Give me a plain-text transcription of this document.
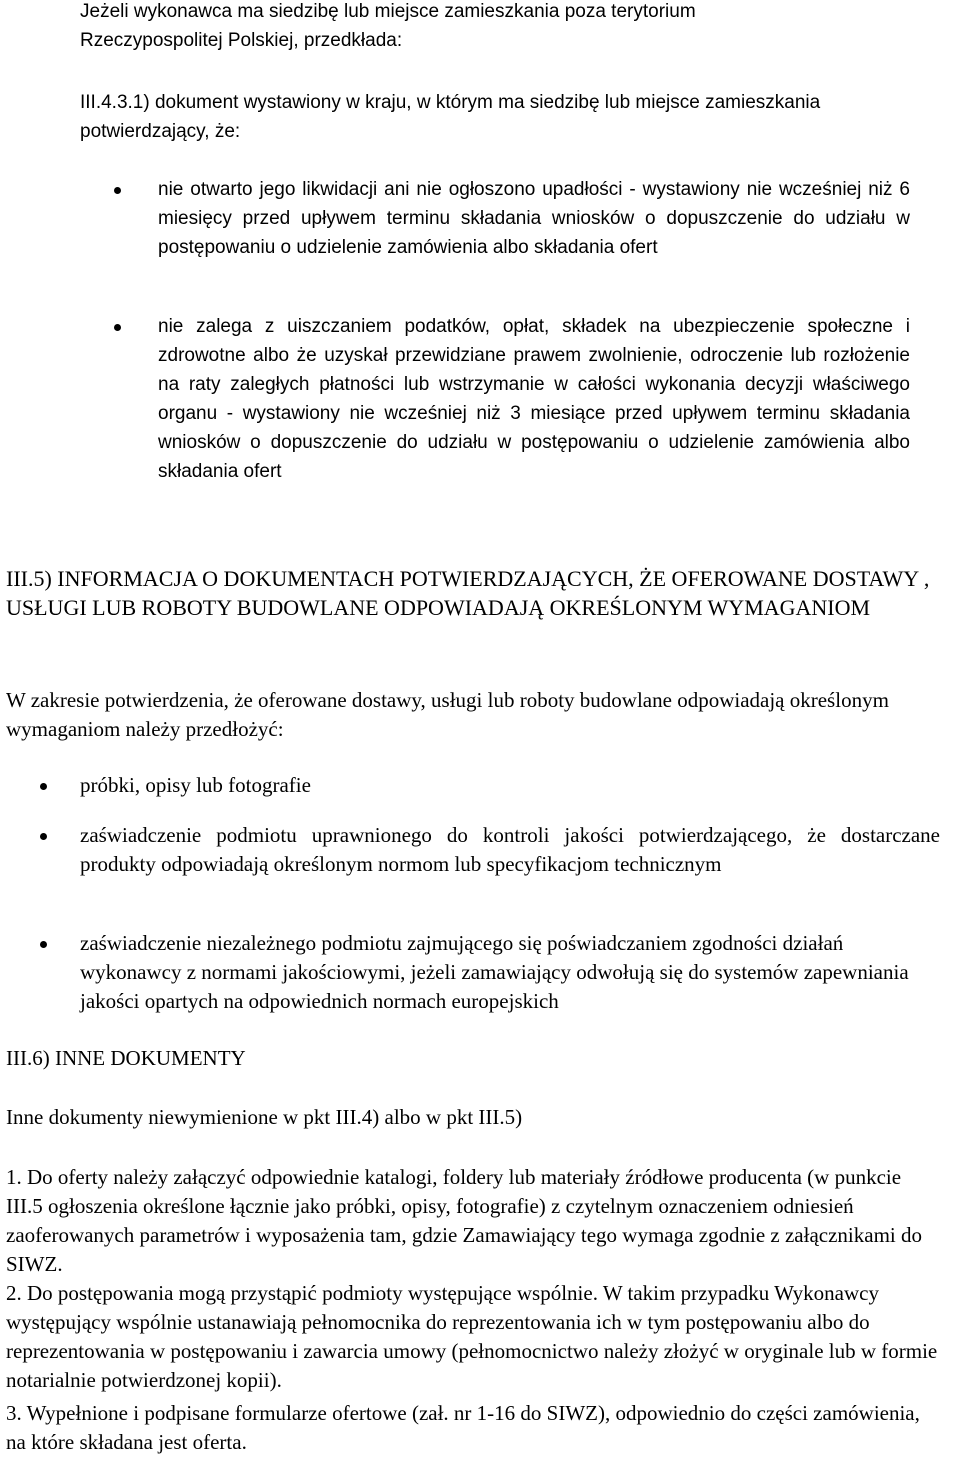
Jeżeli wykonawca ma siedzibę lub miejsce zamieszkania poza terytorium Rzeczypospolitej Polskiej, przedkłada:

III.4.3.1) dokument wystawiony w kraju, w którym ma siedzibę lub miejsce zamieszkania potwierdzający, że:

nie otwarto jego likwidacji ani nie ogłoszono upadłości - wystawiony nie wcześniej niż 6 miesięcy przed upływem terminu składania wniosków o dopuszczenie do udziału w postępowaniu o udzielenie zamówienia albo składania ofert

nie zalega z uiszczaniem podatków, opłat, składek na ubezpieczenie społeczne i zdrowotne albo że uzyskał przewidziane prawem zwolnienie, odroczenie lub rozłożenie na raty zaległych płatności lub wstrzymanie w całości wykonania decyzji właściwego organu - wystawiony nie wcześniej niż 3 miesiące przed upływem terminu składania wniosków o dopuszczenie do udziału w postępowaniu o udzielenie zamówienia albo składania ofert

III.5) INFORMACJA O DOKUMENTACH POTWIERDZAJĄCYCH, ŻE OFEROWANE DOSTAWY , USŁUGI LUB ROBOTY BUDOWLANE ODPOWIADAJĄ OKREŚLONYM WYMAGANIOM

W zakresie potwierdzenia, że oferowane dostawy, usługi lub roboty budowlane odpowiadają określonym wymaganiom należy przedłożyć:

próbki, opisy lub fotografie

zaświadczenie podmiotu uprawnionego do kontroli jakości potwierdzającego, że dostarczane produkty odpowiadają określonym normom lub specyfikacjom technicznym

zaświadczenie niezależnego podmiotu zajmującego się poświadczaniem zgodności działań wykonawcy z normami jakościowymi, jeżeli zamawiający odwołują się do systemów zapewniania jakości opartych na odpowiednich normach europejskich

III.6) INNE DOKUMENTY

Inne dokumenty niewymienione w pkt III.4) albo w pkt III.5)

1. Do oferty należy załączyć odpowiednie katalogi, foldery lub materiały źródłowe producenta (w punkcie III.5 ogłoszenia określone łącznie jako próbki, opisy, fotografie) z czytelnym oznaczeniem odniesień zaoferowanych parametrów i wyposażenia tam, gdzie Zamawiający tego wymaga zgodnie z załącznikami do SIWZ.

2. Do postępowania mogą przystąpić podmioty występujące wspólnie. W takim przypadku Wykonawcy występujący wspólnie ustanawiają pełnomocnika do reprezentowania ich w tym postępowaniu albo do reprezentowania w postępowaniu i zawarcia umowy (pełnomocnictwo należy złożyć w oryginale lub w formie notarialnie potwierdzonej kopii).

3. Wypełnione i podpisane formularze ofertowe (zał. nr 1-16 do SIWZ), odpowiednio do części zamówienia, na które składana jest oferta.
